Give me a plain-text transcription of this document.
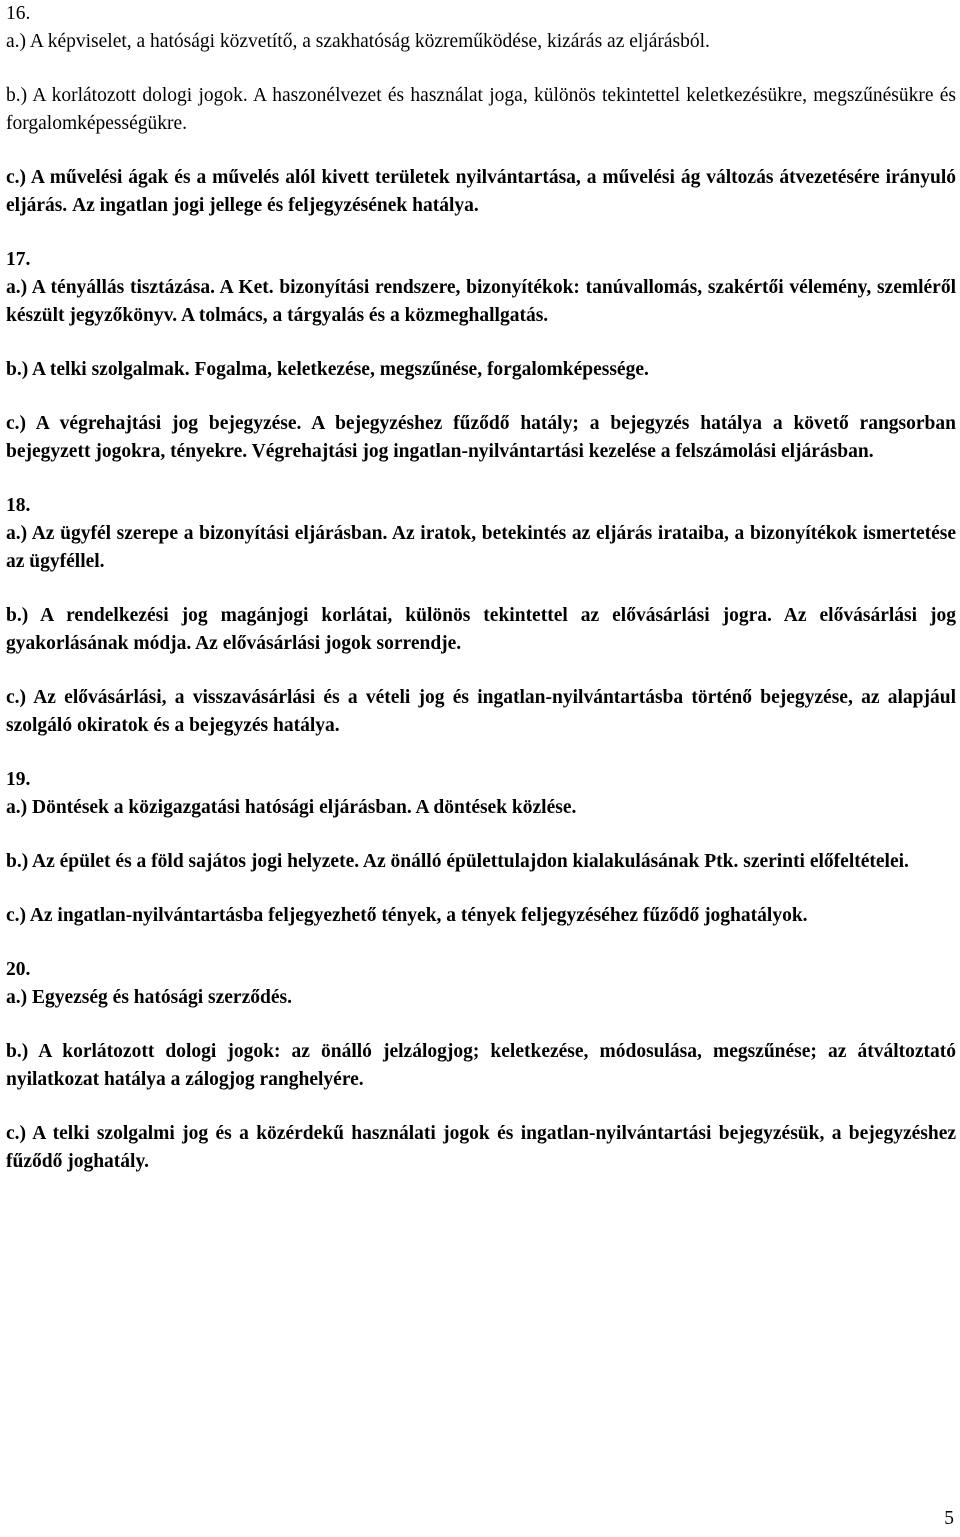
16.

a.) A képviselet, a hatósági közvetítő, a szakhatóság közreműködése, kizárás az eljárásból.

b.) A korlátozott dologi jogok. A haszonélvezet és használat joga, különös tekintettel keletkezésükre, megszűnésükre és forgalomképességükre.

c.) A művelési ágak és a művelés alól kivett területek nyilvántartása, a művelési ág változás átvezetésére irányuló eljárás. Az ingatlan jogi jellege és feljegyzésének hatálya.

17.

a.) A tényállás tisztázása. A Ket. bizonyítási rendszere, bizonyítékok: tanúvallomás, szakértői vélemény, szemléről készült jegyzőkönyv. A tolmács, a tárgyalás és a közmeghallgatás.

b.) A telki szolgalmak. Fogalma, keletkezése, megszűnése, forgalomképessége.

c.) A végrehajtási jog bejegyzése. A bejegyzéshez fűződő hatály; a bejegyzés hatálya a követő rangsorban bejegyzett jogokra, tényekre. Végrehajtási jog ingatlan-nyilvántartási kezelése a felszámolási eljárásban.

18.

a.) Az ügyfél szerepe a bizonyítási eljárásban. Az iratok, betekintés az eljárás irataiba, a bizonyítékok ismertetése az ügyféllel.

b.) A rendelkezési jog magánjogi korlátai, különös tekintettel az elővásárlási jogra. Az elővásárlási jog gyakorlásának módja. Az elővásárlási jogok sorrendje.

c.) Az elővásárlási, a visszavásárlási és a vételi jog és ingatlan-nyilvántartásba történő bejegyzése, az alapjául szolgáló okiratok és a bejegyzés hatálya.

19.

a.) Döntések a közigazgatási hatósági eljárásban. A döntések közlése.

b.) Az épület és a föld sajátos jogi helyzete. Az önálló épülettulajdon kialakulásának Ptk. szerinti előfeltételei.

c.) Az ingatlan-nyilvántartásba feljegyezhető tények, a tények feljegyzéséhez fűződő joghatályok.

20.

a.) Egyezség és hatósági szerződés.

b.) A korlátozott dologi jogok: az önálló jelzálogjog; keletkezése, módosulása, megszűnése; az átváltoztató nyilatkozat hatálya a zálogjog ranghelyére.

c.) A telki szolgalmi jog és a közérdekű használati jogok és ingatlan-nyilvántartási bejegyzésük, a bejegyzéshez fűződő joghatály.

5
